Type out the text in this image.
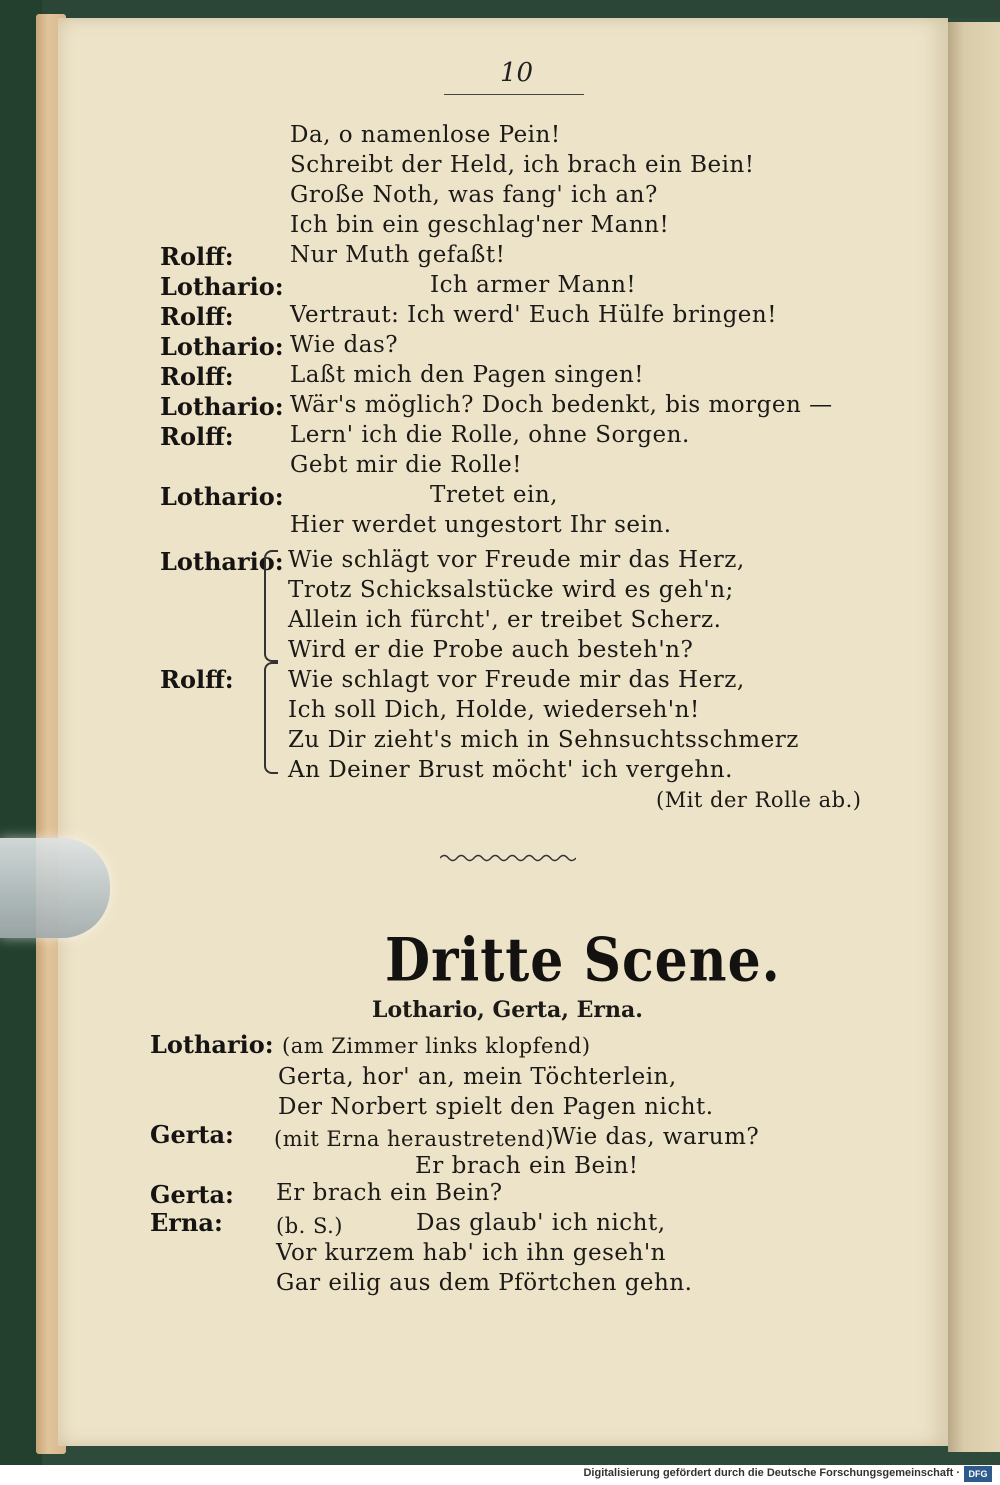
10
Da, o namenlose Pein!
Schreibt der Held, ich brach ein Bein!
Große Noth, was fang' ich an?
Ich bin ein geschlag'ner Mann!
Rolff: Nur Muth gefaßt!
Lothario:	Ich armer Mann!
Rolff: Vertraut: Ich werd' Euch Hülfe bringen!
Lothario: Wie das?
Rolff: Laßt mich den Pagen singen!
Lothario: Wär's möglich? Doch bedenkt, bis morgen —
Rolff: Lern' ich die Rolle, ohne Sorgen.
Gebt mir die Rolle!
Lothario:	Tretet ein,
Hier werdet ungestort Ihr sein.
Lothario: Wie schlägt vor Freude mir das Herz,
Trotz Schicksalstücke wird es geh'n;
Allein ich fürcht', er treibet Scherz.
Wird er die Probe auch besteh'n?
Rolff: Wie schlagt vor Freude mir das Herz,
Ich soll Dich, Holde, wiederseh'n!
Zu Dir zieht's mich in Sehnsuchtsschmerz
An Deiner Brust möcht' ich vergehn.
(Mit der Rolle ab.)
Dritte Scene.
Lothario, Gerta, Erna.
Lothario: (am Zimmer links klopfend)
Gerta, hor' an, mein Töchterlein,
Der Norbert spielt den Pagen nicht.
Gerta: (mit Erna heraustretend)
Wie das, warum?
Er brach ein Bein!
Gerta: Er brach ein Bein?
Erna:	(b. S.)	Das glaub' ich nicht,
Vor kurzem hab' ich ihn geseh'n
Gar eilig aus dem Pförtchen gehn.
Digitalisierung gefördert durch die Deutsche Forschungsgemeinschaft · DFG
